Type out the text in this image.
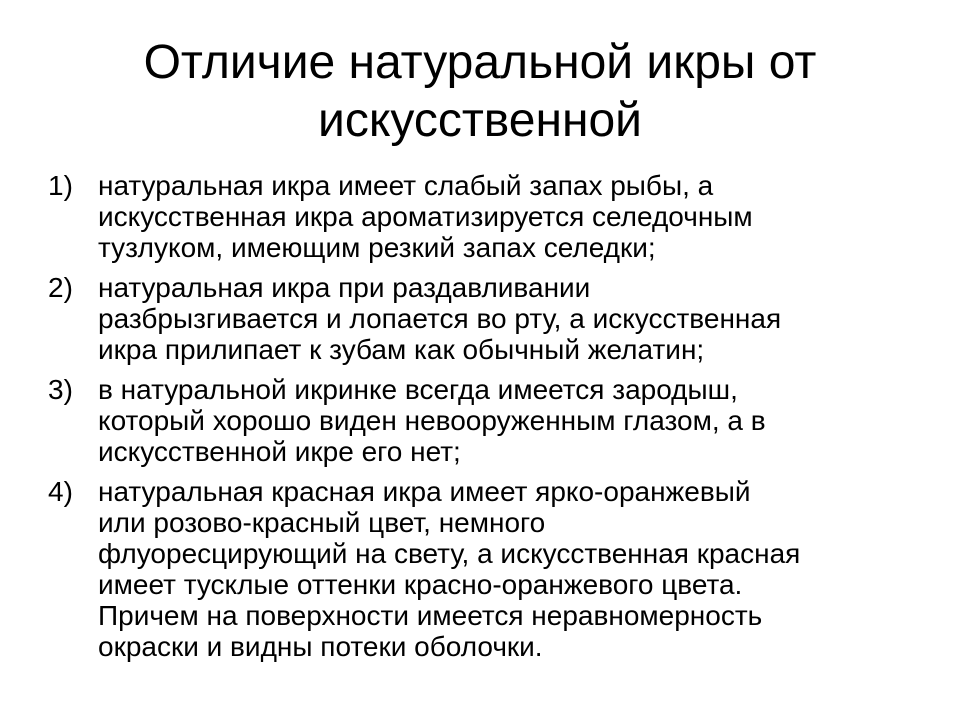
Отличие натуральной икры от
искусственной
1) натуральная икра имеет слабый запах рыбы, а
искусственная икра ароматизируется селедочным
тузлуком, имеющим резкий запах селедки;
2) натуральная икра при раздавливании
разбрызгивается и лопается во рту, а искусственная
икра прилипает к зубам как обычный желатин;
3) в натуральной икринке всегда имеется зародыш,
который хорошо виден невооруженным глазом, а в
искусственной икре его нет;
4) натуральная красная икра имеет ярко-оранжевый
или розово-красный цвет, немного
флуоресцирующий на свету, а искусственная красная
имеет тусклые оттенки красно-оранжевого цвета.
Причем на поверхности имеется неравномерность
окраски и видны потеки оболочки.
